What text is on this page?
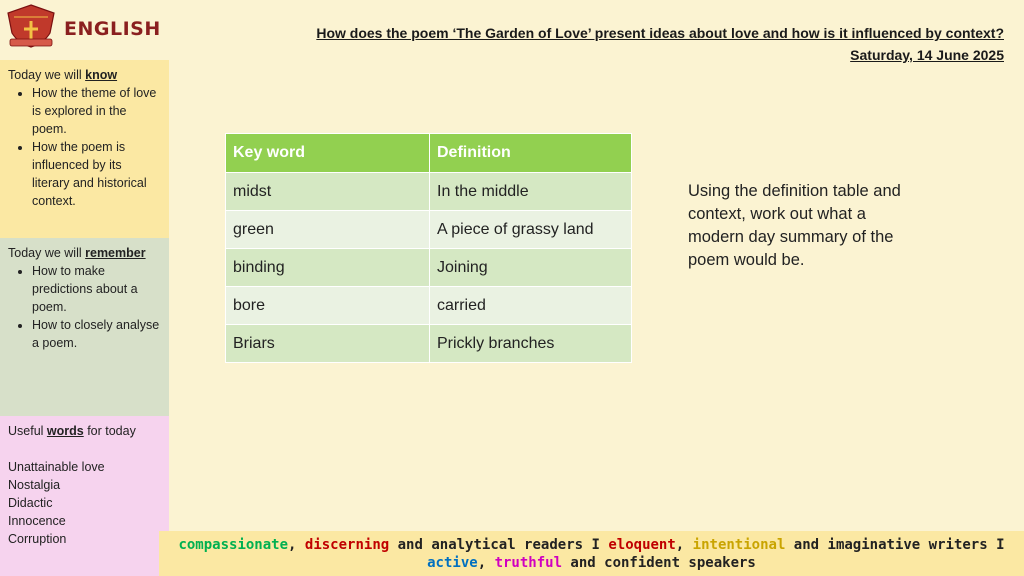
ENGLISH
Today we will know
• How the theme of love is explored in the poem.
• How the poem is influenced by its literary and historical context.
Today we will remember
• How to make predictions about a poem.
• How to closely analyse a poem.
Useful words for today
Unattainable love
Nostalgia
Didactic
Innocence
Corruption
How does the poem ‘The Garden of Love’ present ideas about love and how is it influenced by context?
Saturday, 14 June 2025
Key word	Definition
midst	In the middle
green	A piece of grassy land
binding	Joining
bore	carried
Briars	Prickly branches
Using the definition table and context, work out what a modern day summary of the poem would be.
compassionate, discerning and analytical readers I eloquent, intentional and imaginative writers I
active, truthful and confident speakers
